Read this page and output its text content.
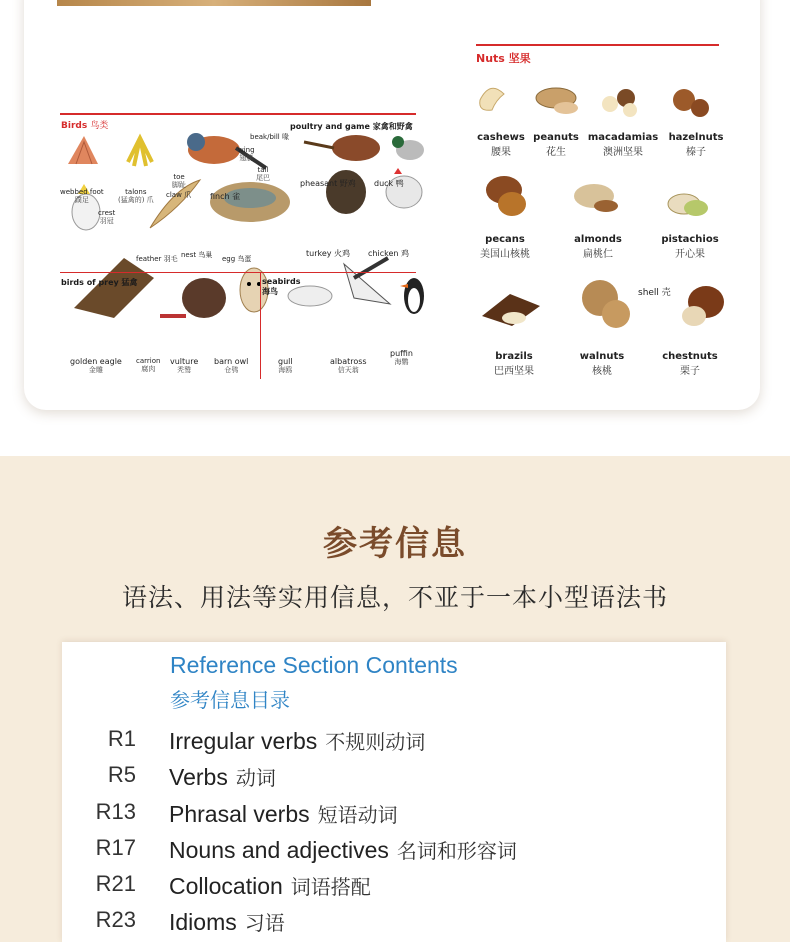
Birds 鸟类	poultry and game 家禽和野禽
beak/bill 喙
wing
翅膀
tail
尾巴
toe
脚趾
claw 爪
crest
羽冠
webbed foot
蹼足
talons
(猛禽的) 爪	finch 雀
feather 羽毛 nest 鸟巢 egg 鸟蛋
pheasant 野鸡 duck 鸭
turkey 火鸡 chicken 鸡
birds of prey 猛禽	seabirds
海鸟
golden eagle
金雕
carrion
腐肉
vulture
秃鹫
barn owl
仓鸮
gull
海鸥
albatross
信天翁
puffin
海鹦
Nuts 坚果
shell 壳
cashews
腰果
peanuts
花生
macadamias
澳洲坚果
hazelnuts
榛子
pecans
美国山核桃
almonds
扁桃仁
pistachios
开心果
brazils
巴西坚果
walnuts
核桃
chestnuts
栗子
参考信息
语法、用法等实用信息，不亚于一本小型语法书
Reference Section Contents
参考信息目录
R1 Irregular verbs 不规则动词
R5 Verbs 动词
R13 Phrasal verbs 短语动词
R17 Nouns and adjectives 名词和形容词
R21 Collocation 词语搭配
R23 Idioms 习语
